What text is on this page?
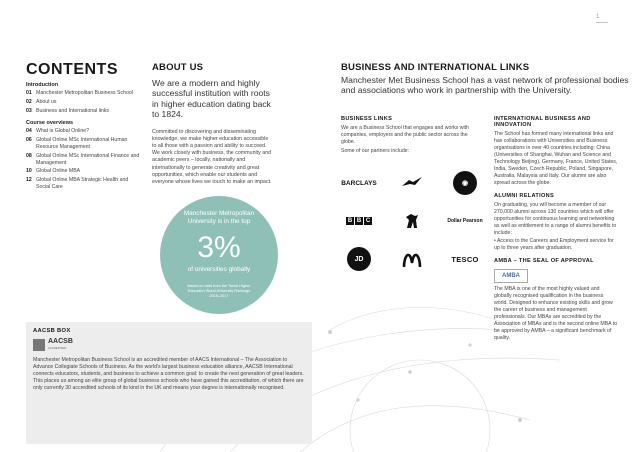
1
CONTENTS
Introduction
01 Manchester Metropolitan Business School
02 About us
03 Business and International links
Course overviews
04 What is Global Online?
06 Global Online MSc International Human Resource Management
08 Global Online MSc International Finance and Management
10 Global Online MBA
12 Global Online MBA Strategic Health and Social Care
ABOUT US

We are a modern and highly successful institution with roots in higher education dating back to 1824.

Committed to discovering and disseminating knowledge, we make higher education accessible to all those with a passion and ability to succeed. We work closely with business, the community and academic peers – locally, nationally and internationally to generate creativity and great opportunities, which enable our students and everyone whose lives we touch to make an impact.

Manchester Metropolitan University is in the top
3%
of universities globally
Based on data from the Times Higher Education World University Rankings 2016–2017
AACSB BOX
AACSB
ACCREDITED

Manchester Metropolitan Business School is an accredited member of AACS International – The Association to Advance Collegiate Schools of Business. As the world's largest business education alliance, AACSB International connects educators, students, and business to achieve a common goal: to create the next generation of great leaders. This places us among an elite group of global business schools who have gained this accreditation, of which there are only currently 30 accredited schools of its kind in the UK and means your degree is internationally recognised.

BUSINESS AND INTERNATIONAL LINKS

Manchester Met Business School has a vast network of professional bodies and associations who work in partnership with the University.

BUSINESS LINKS

We are a Business School that engages and works with companies, employers and the public sector across the globe.

Some of our partners include:

BARCLAYS	◉
B B C	Dollar Pearson
JD	TESCO
INTERNATIONAL BUSINESS AND INNOVATION

The School has formed many international links and has collaborations with Universities and Business organisations in over 40 countries including: China (Universities of Shanghai, Wuhan and Science and Technology Beijing), Germany, France, United States, India, Sweden, Czech Republic, Poland, Singapore, Australia, Malaysia and Italy. Our alumni are also spread across the globe.

ALUMNI RELATIONS

On graduating, you will become a member of our 270,000 alumni across 130 countries which will offer opportunities for continuous learning and networking as well as entitlement to a range of alumni benefits to include:

• Access to the Careers and Employment service for up to three years after graduation.

AMBA – THE SEAL OF APPROVAL
AMBA

The MBA is one of the most highly valued and globally recognised qualification in the business world. Designed to enhance existing skills and grow the career of business and management professionals. Our MBAs are accredited by the Association of MBAs and is the second online MBA to be approved by AMBA – a significant benchmark of quality.
